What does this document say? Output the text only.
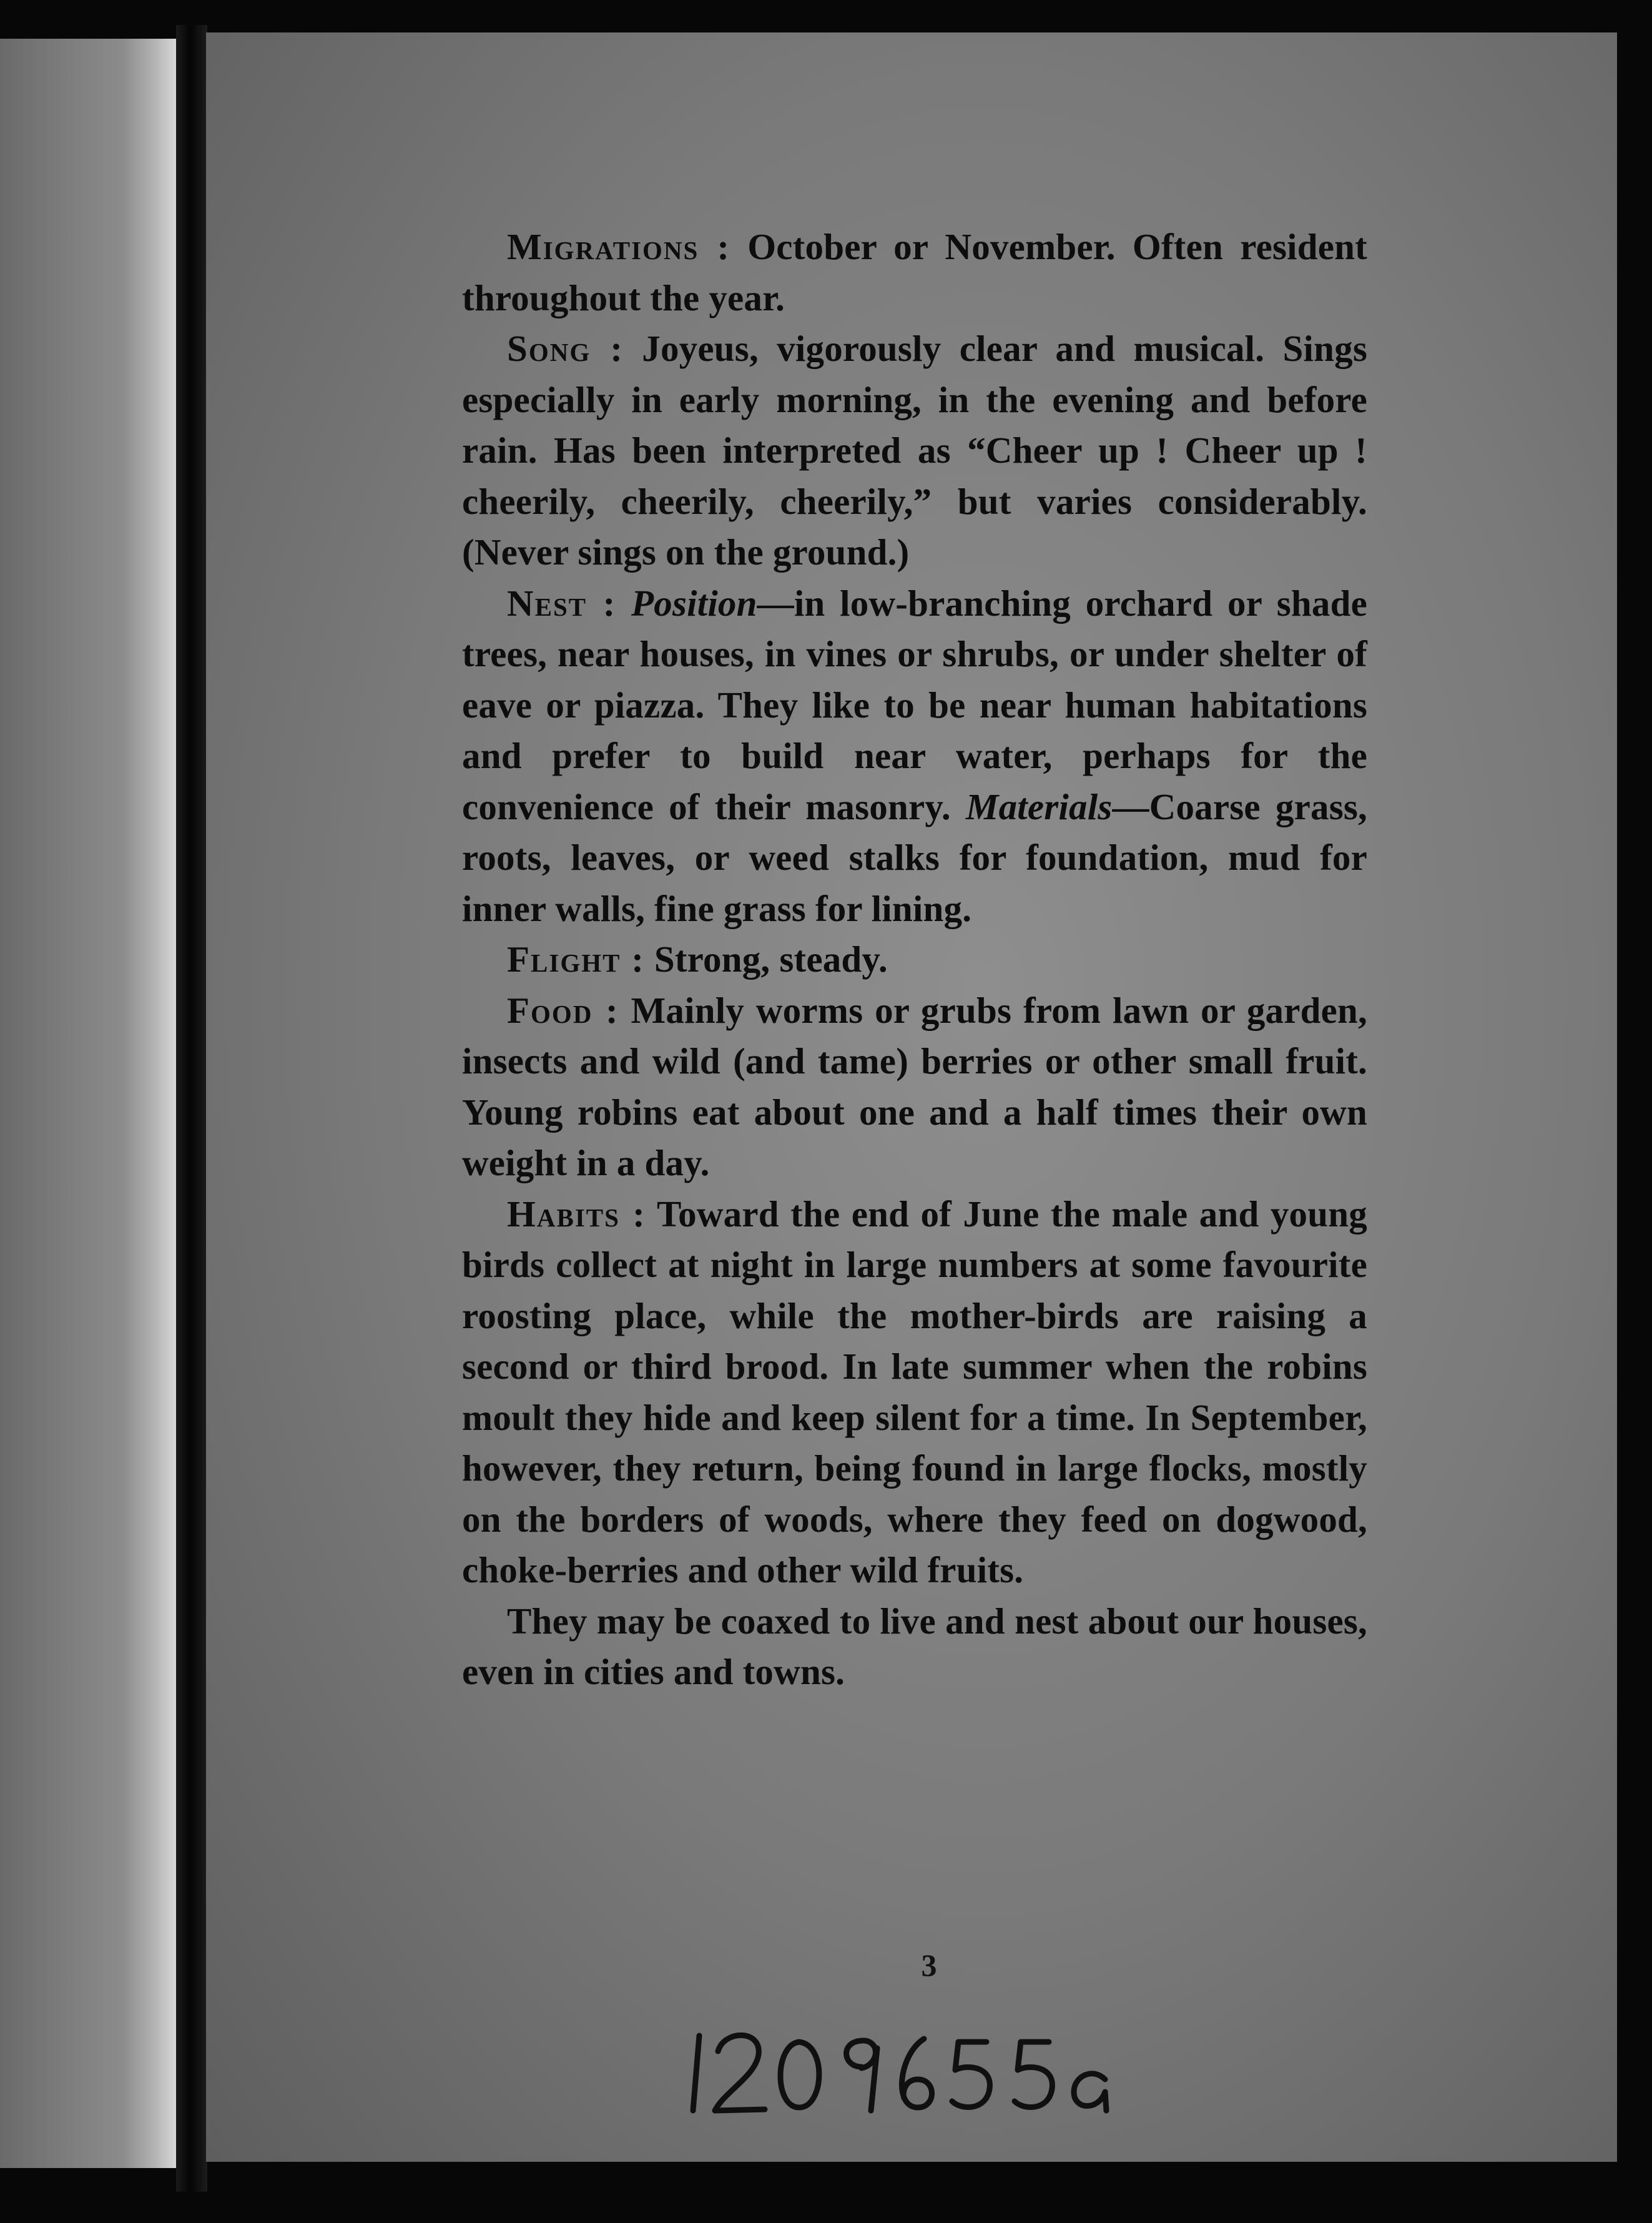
Migrations : October or November. Often resident throughout the year.

Song : Joyeus, vigorously clear and musical. Sings especially in early morning, in the evening and before rain. Has been interpreted as “Cheer up ! Cheer up ! cheerily, cheerily, cheerily,” but varies considerably. (Never sings on the ground.)

Nest : Position—in low-branching orchard or shade trees, near houses, in vines or shrubs, or under shelter of eave or piazza. They like to be near human habitations and prefer to build near water, perhaps for the convenience of their masonry. Materials—Coarse grass, roots, leaves, or weed stalks for foundation, mud for inner walls, fine grass for lining.

Flight : Strong, steady.

Food : Mainly worms or grubs from lawn or garden, insects and wild (and tame) berries or other small fruit. Young robins eat about one and a half times their own weight in a day.

Habits : Toward the end of June the male and young birds collect at night in large numbers at some favourite roosting place, while the mother-birds are raising a second or third brood. In late summer when the robins moult they hide and keep silent for a time. In September, however, they return, being found in large flocks, mostly on the borders of woods, where they feed on dogwood, choke-berries and other wild fruits.

They may be coaxed to live and nest about our houses, even in cities and towns.

3
